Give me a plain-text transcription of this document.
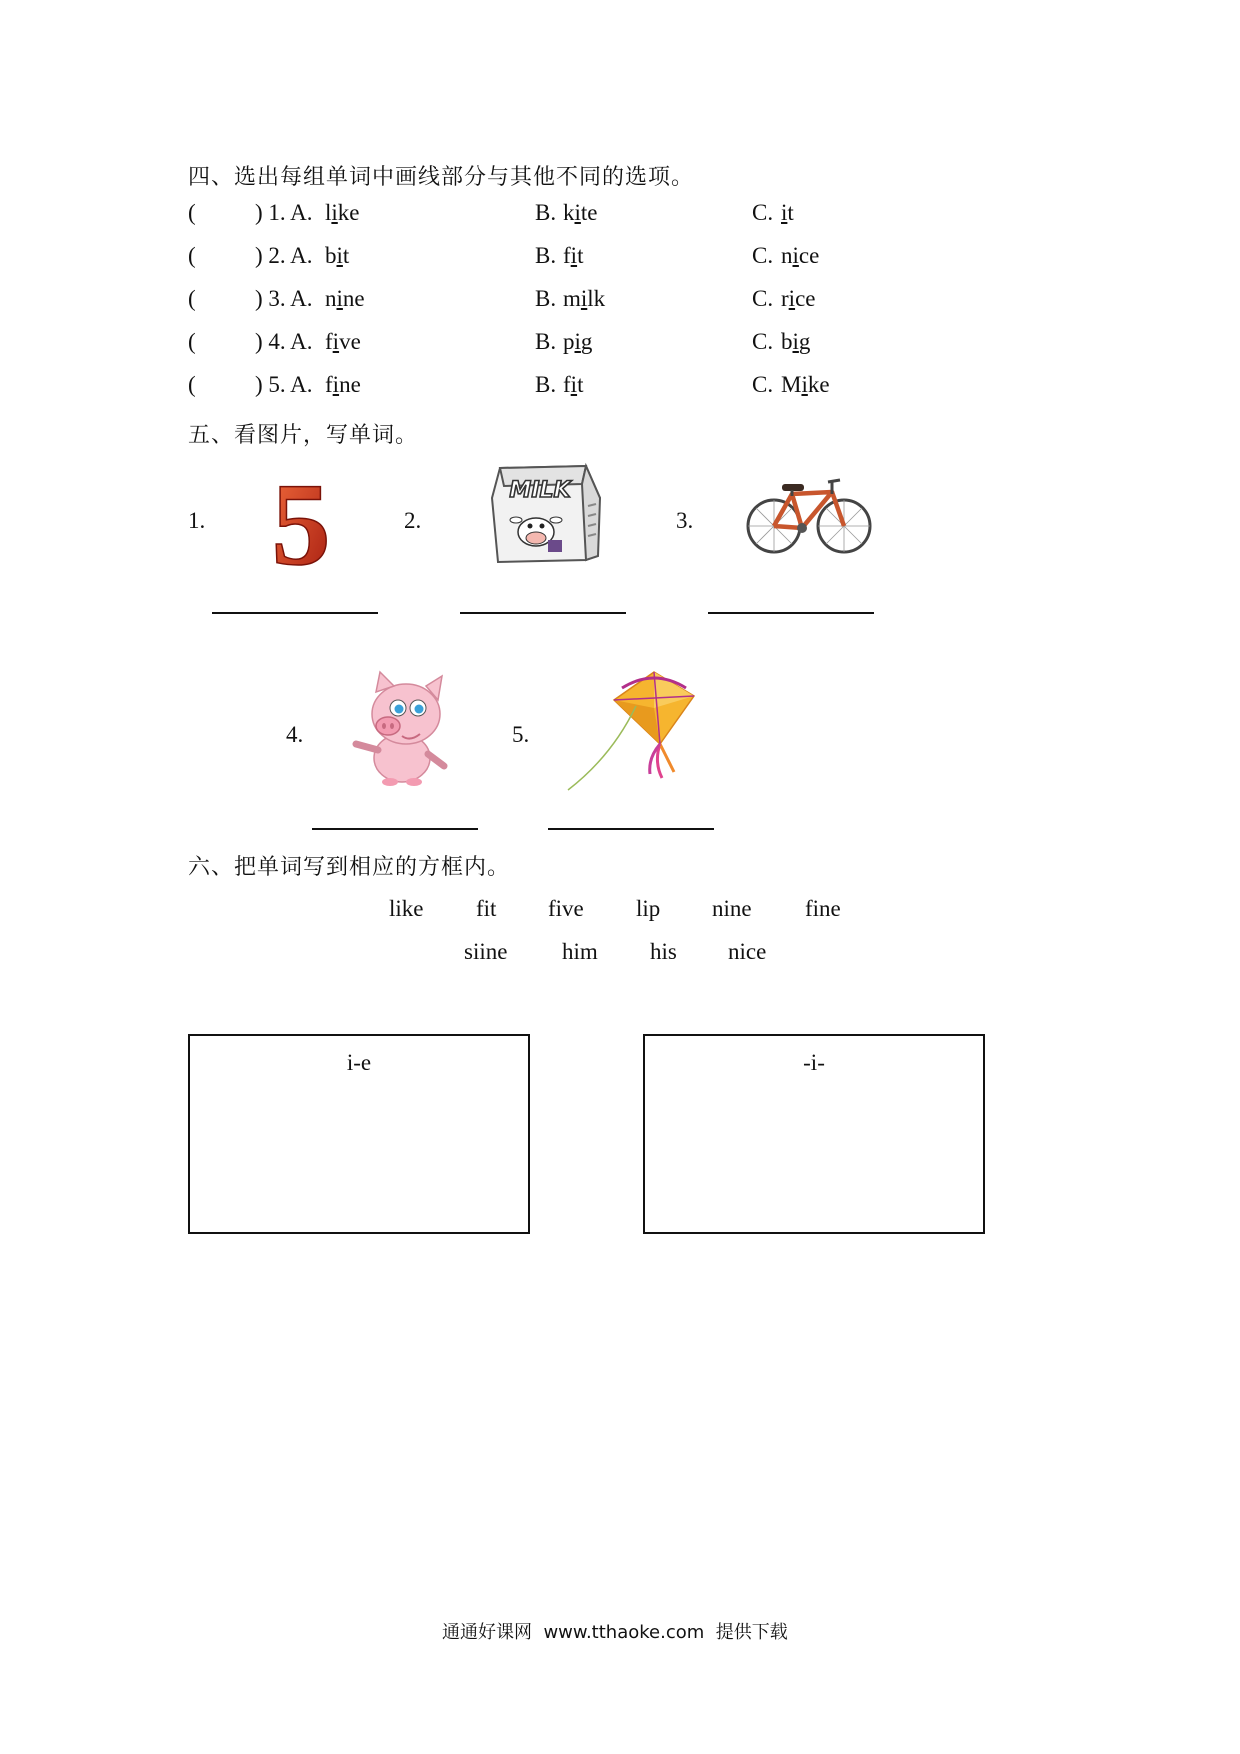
四、选出每组单词中画线部分与其他不同的选项。
(	) 1. A. like	B. kite	C. it
(	) 2. A. bit	B. fit	C. nice
(	) 3. A. nine	B. milk	C. rice
(	) 4. A. five	B. pig	C. big
(	) 5. A. fine	B. fit	C. Mike
五、看图片，写单词。
1. 5	2.
MILK
3.
4.	5.
六、把单词写到相应的方框内。
like fit five lip nine fine
siine him his nice
i-e	-i-
通通好课网  www.tthaoke.com  提供下载
